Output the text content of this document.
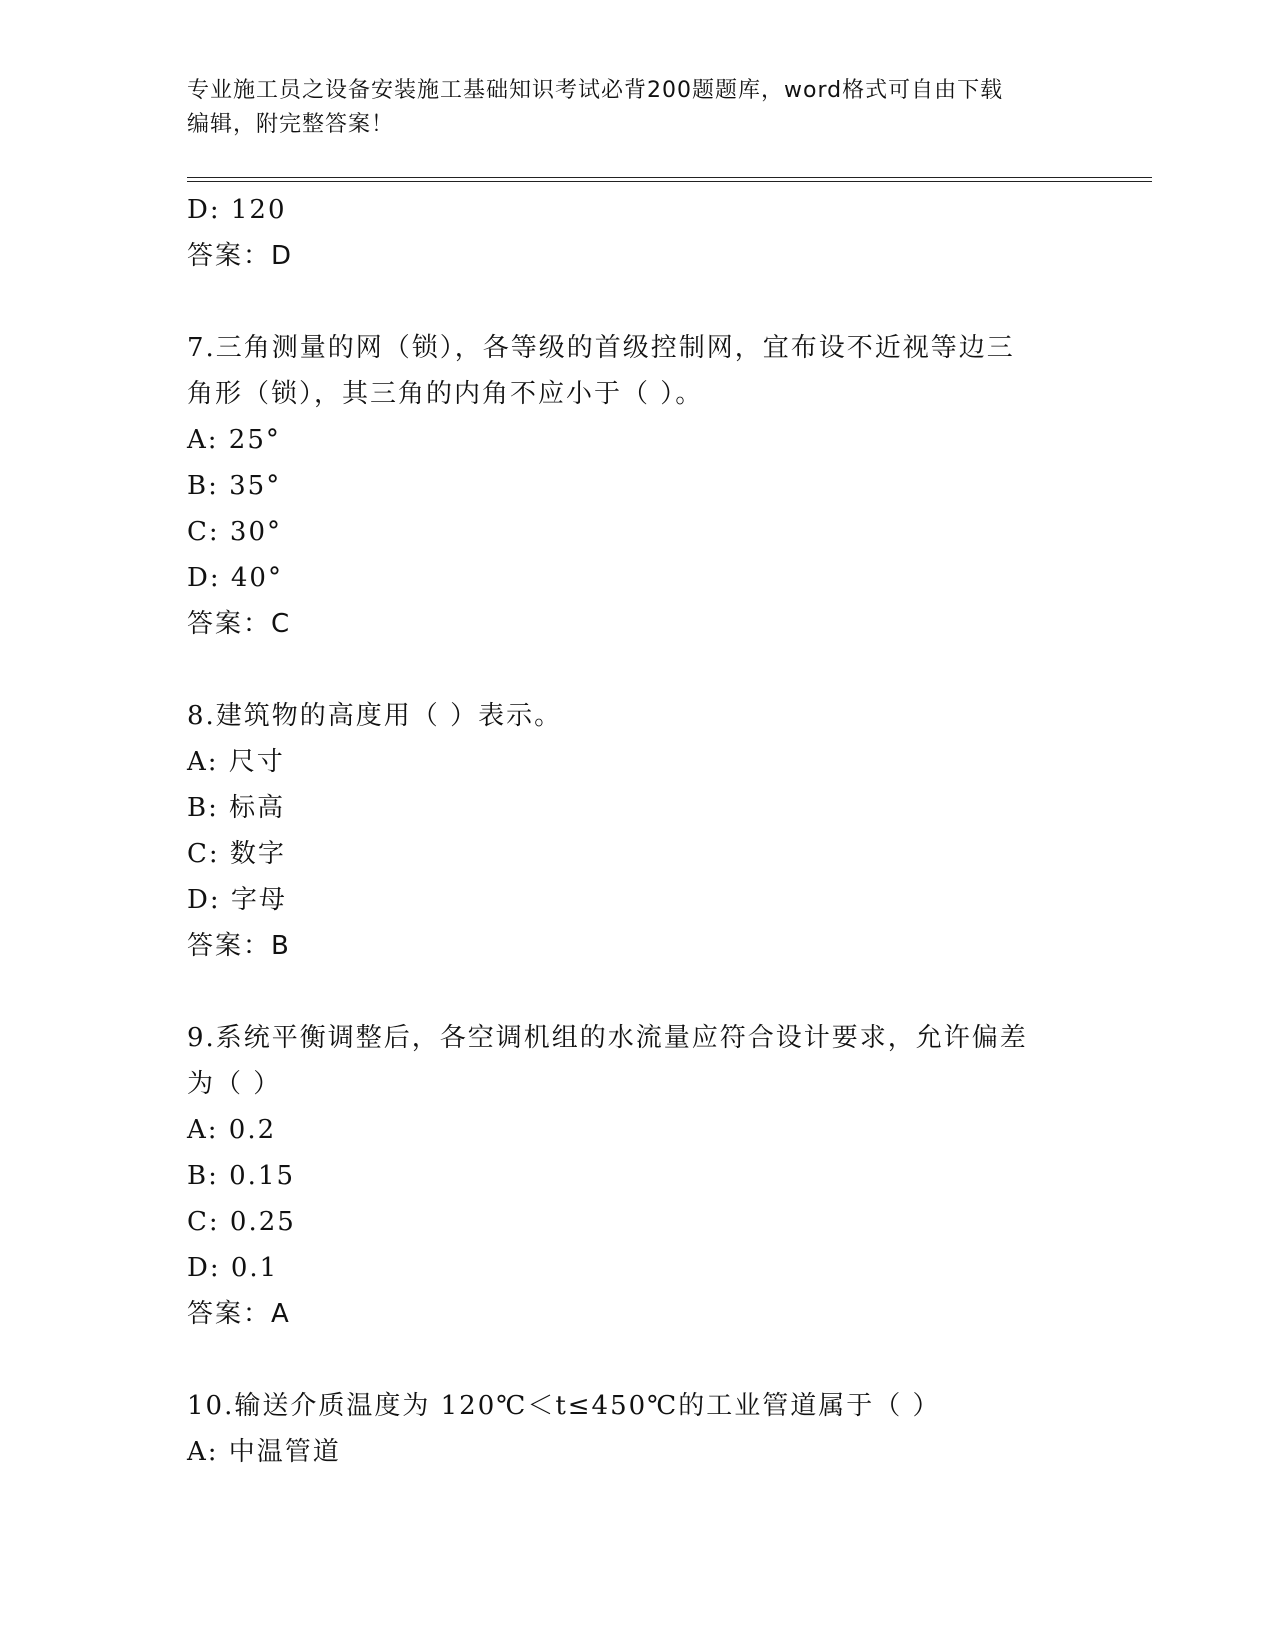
专业施工员之设备安装施工基础知识考试必背200题题库，word格式可自由下载
编辑，附完整答案！
D: 120
答案：D
7.三角测量的网（锁），各等级的首级控制网，宜布设不近视等边三
角形（锁），其三角的内角不应小于（ ）。
A: 25°
B: 35°
C: 30°
D: 40°
答案：C
8.建筑物的高度用（ ）表示。
A: 尺寸
B: 标高
C: 数字
D: 字母
答案：B
9.系统平衡调整后，各空调机组的水流量应符合设计要求，允许偏差
为（ ）
A: 0.2
B: 0.15
C: 0.25
D: 0.1
答案：A
10.输送介质温度为 120℃＜t≤450℃的工业管道属于（ ）
A: 中温管道
